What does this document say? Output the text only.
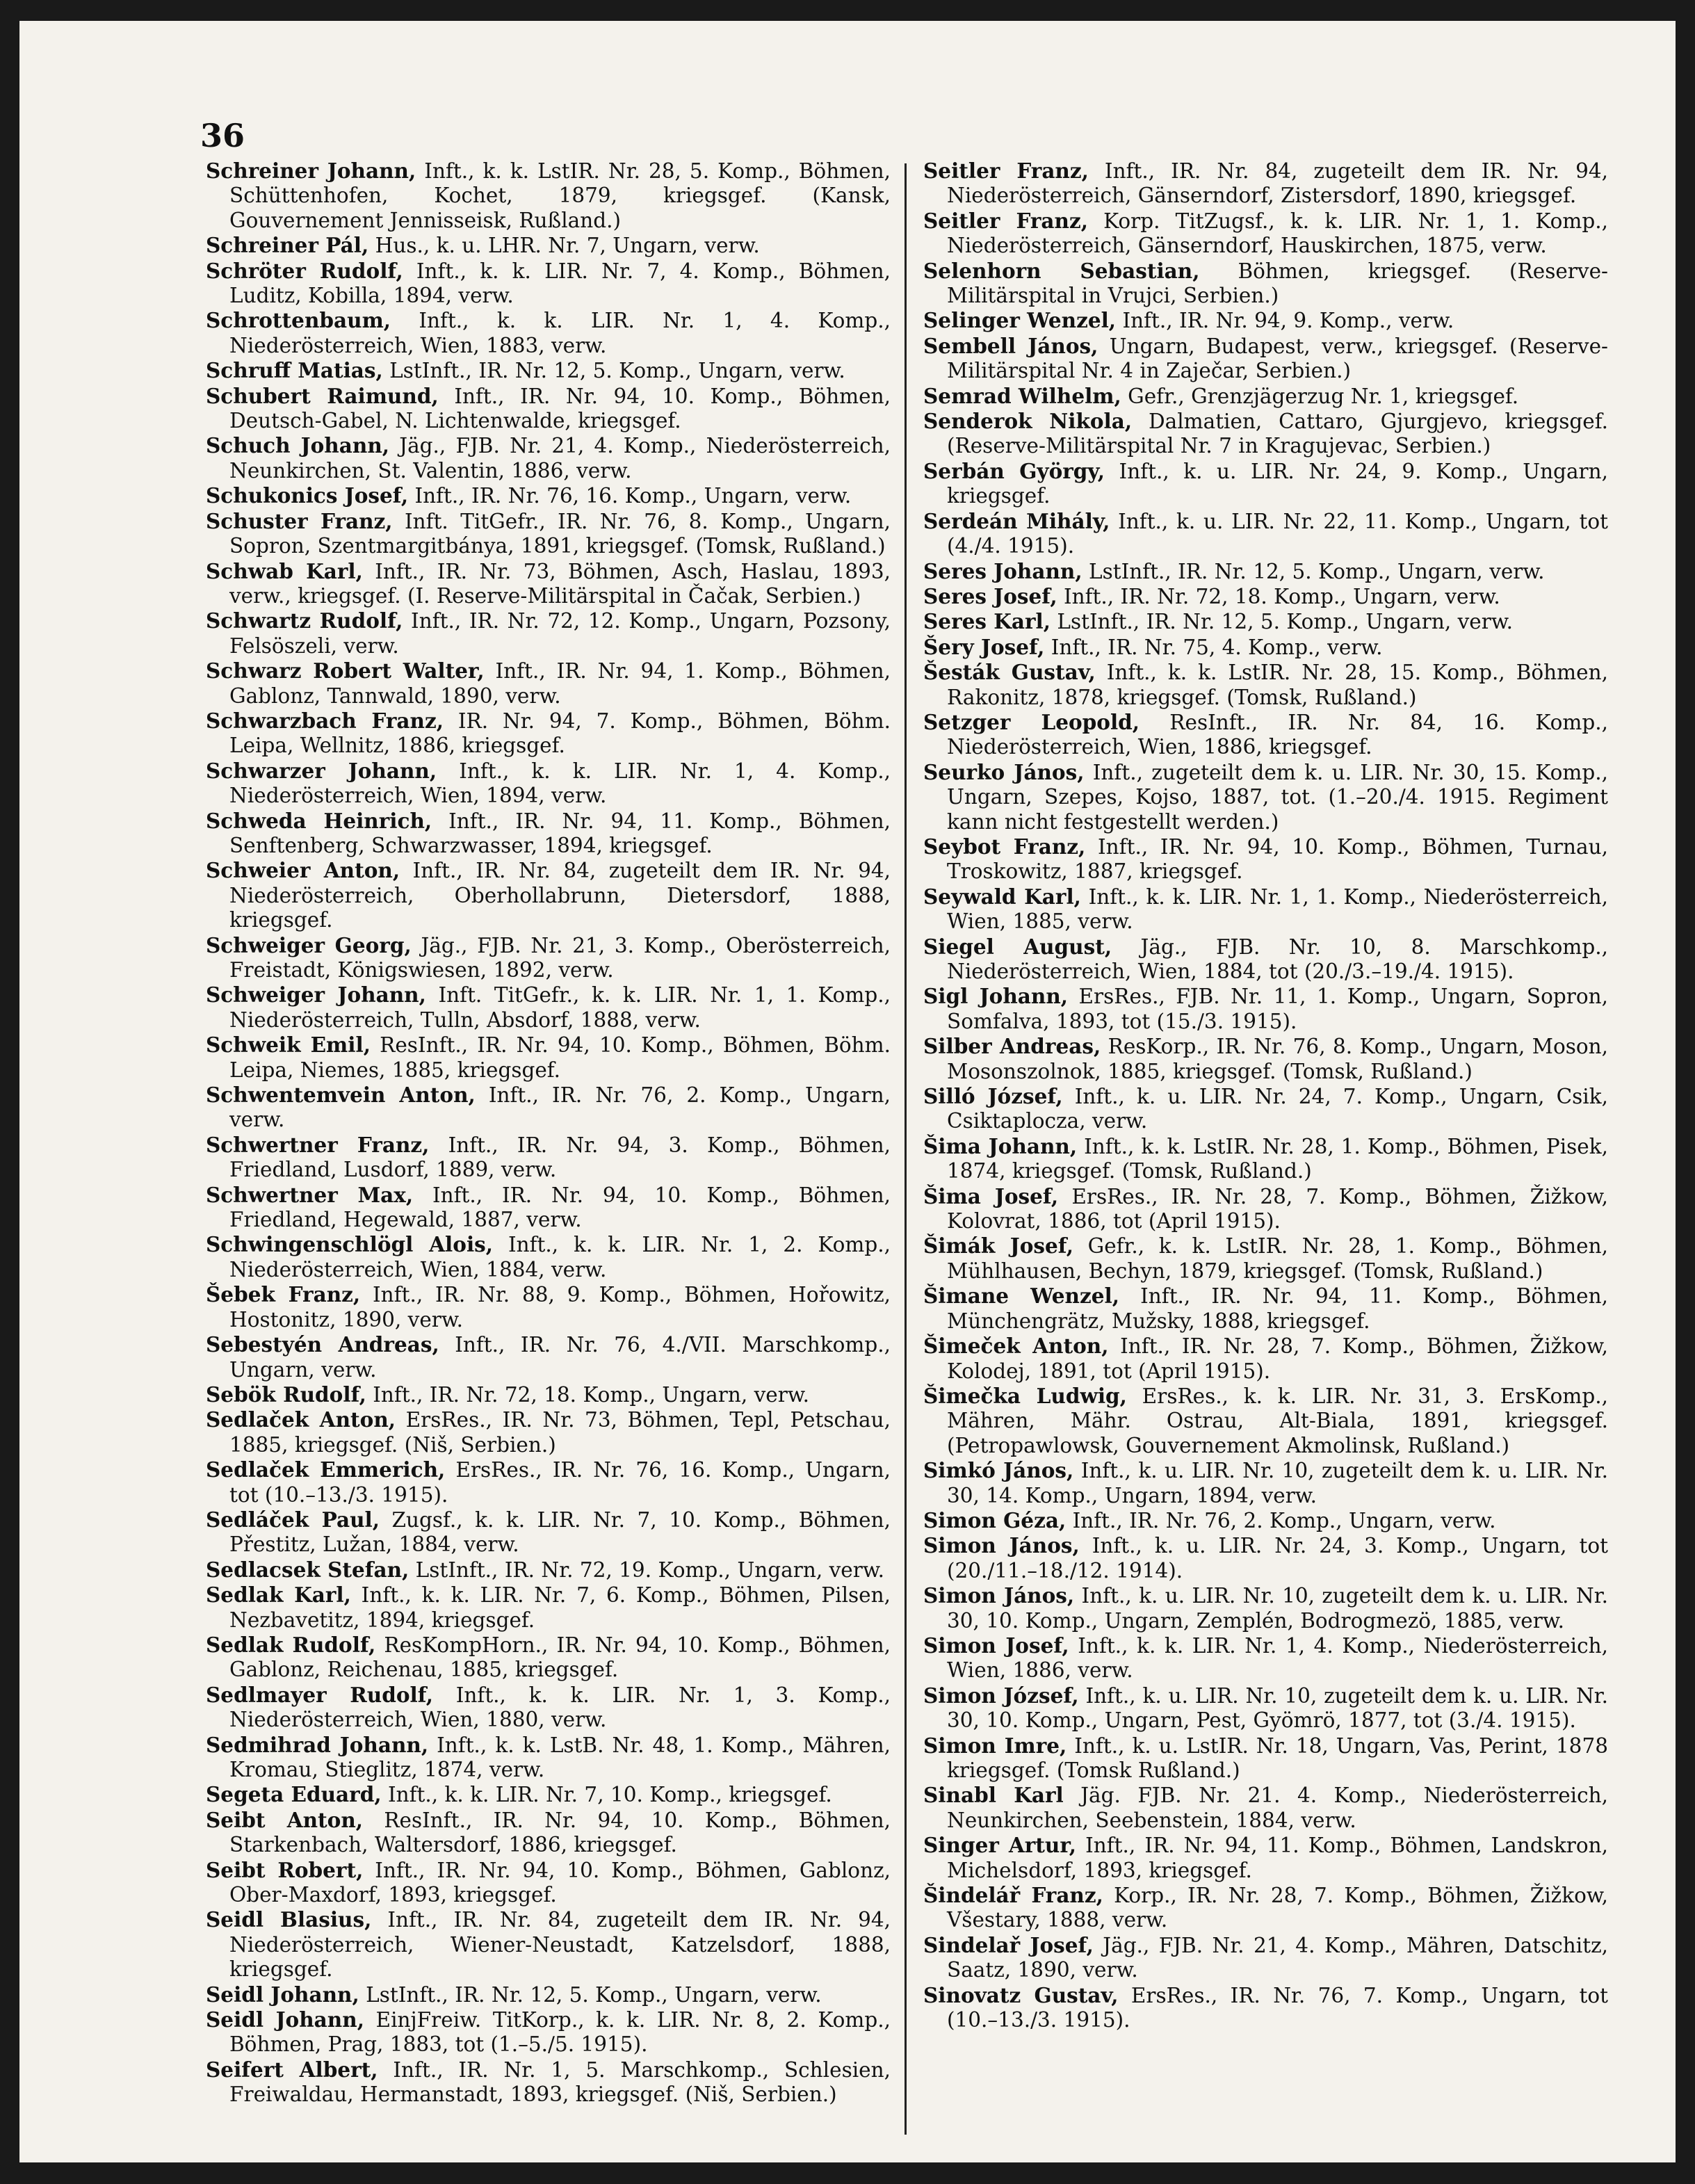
36

Schreiner Johann, Inft., k. k. LstIR. Nr. 28, 5. Komp., Böhmen, Schüttenhofen, Kochet, 1879, kriegsgef. (Kansk, Gouvernement Jennisseisk, Rußland.)

Schreiner Pál, Hus., k. u. LHR. Nr. 7, Ungarn, verw.

Schröter Rudolf, Inft., k. k. LIR. Nr. 7, 4. Komp., Böhmen, Luditz, Kobilla, 1894, verw.

Schrottenbaum, Inft., k. k. LIR. Nr. 1, 4. Komp., Niederösterreich, Wien, 1883, verw.

Schruff Matias, LstInft., IR. Nr. 12, 5. Komp., Ungarn, verw.

Schubert Raimund, Inft., IR. Nr. 94, 10. Komp., Böhmen, Deutsch-Gabel, N. Lichtenwalde, kriegsgef.

Schuch Johann, Jäg., FJB. Nr. 21, 4. Komp., Niederösterreich, Neunkirchen, St. Valentin, 1886, verw.

Schukonics Josef, Inft., IR. Nr. 76, 16. Komp., Ungarn, verw.

Schuster Franz, Inft. TitGefr., IR. Nr. 76, 8. Komp., Ungarn, Sopron, Szentmargitbánya, 1891, kriegsgef. (Tomsk, Rußland.)

Schwab Karl, Inft., IR. Nr. 73, Böhmen, Asch, Haslau, 1893, verw., kriegsgef. (I. Reserve-Militärspital in Čačak, Serbien.)

Schwartz Rudolf, Inft., IR. Nr. 72, 12. Komp., Ungarn, Pozsony, Felsöszeli, verw.

Schwarz Robert Walter, Inft., IR. Nr. 94, 1. Komp., Böhmen, Gablonz, Tannwald, 1890, verw.

Schwarzbach Franz, IR. Nr. 94, 7. Komp., Böhmen, Böhm. Leipa, Wellnitz, 1886, kriegsgef.

Schwarzer Johann, Inft., k. k. LIR. Nr. 1, 4. Komp., Niederösterreich, Wien, 1894, verw.

Schweda Heinrich, Inft., IR. Nr. 94, 11. Komp., Böhmen, Senftenberg, Schwarzwasser, 1894, kriegsgef.

Schweier Anton, Inft., IR. Nr. 84, zugeteilt dem IR. Nr. 94, Niederösterreich, Oberhollabrunn, Dietersdorf, 1888, kriegsgef.

Schweiger Georg, Jäg., FJB. Nr. 21, 3. Komp., Oberösterreich, Freistadt, Königswiesen, 1892, verw.

Schweiger Johann, Inft. TitGefr., k. k. LIR. Nr. 1, 1. Komp., Niederösterreich, Tulln, Absdorf, 1888, verw.

Schweik Emil, ResInft., IR. Nr. 94, 10. Komp., Böhmen, Böhm. Leipa, Niemes, 1885, kriegsgef.

Schwentemvein Anton, Inft., IR. Nr. 76, 2. Komp., Ungarn, verw.

Schwertner Franz, Inft., IR. Nr. 94, 3. Komp., Böhmen, Friedland, Lusdorf, 1889, verw.

Schwertner Max, Inft., IR. Nr. 94, 10. Komp., Böhmen, Friedland, Hegewald, 1887, verw.

Schwingenschlögl Alois, Inft., k. k. LIR. Nr. 1, 2. Komp., Niederösterreich, Wien, 1884, verw.

Šebek Franz, Inft., IR. Nr. 88, 9. Komp., Böhmen, Hořowitz, Hostonitz, 1890, verw.

Sebestyén Andreas, Inft., IR. Nr. 76, 4./VII. Marschkomp., Ungarn, verw.

Sebök Rudolf, Inft., IR. Nr. 72, 18. Komp., Ungarn, verw.

Sedlaček Anton, ErsRes., IR. Nr. 73, Böhmen, Tepl, Petschau, 1885, kriegsgef. (Niš, Serbien.)

Sedlaček Emmerich, ErsRes., IR. Nr. 76, 16. Komp., Ungarn, tot (10.–13./3. 1915).

Sedláček Paul, Zugsf., k. k. LIR. Nr. 7, 10. Komp., Böhmen, Přestitz, Lužan, 1884, verw.

Sedlacsek Stefan, LstInft., IR. Nr. 72, 19. Komp., Ungarn, verw.

Sedlak Karl, Inft., k. k. LIR. Nr. 7, 6. Komp., Böhmen, Pilsen, Nezbavetitz, 1894, kriegsgef.

Sedlak Rudolf, ResKompHorn., IR. Nr. 94, 10. Komp., Böhmen, Gablonz, Reichenau, 1885, kriegsgef.

Sedlmayer Rudolf, Inft., k. k. LIR. Nr. 1, 3. Komp., Niederösterreich, Wien, 1880, verw.

Sedmihrad Johann, Inft., k. k. LstB. Nr. 48, 1. Komp., Mähren, Kromau, Stieglitz, 1874, verw.

Segeta Eduard, Inft., k. k. LIR. Nr. 7, 10. Komp., kriegsgef.

Seibt Anton, ResInft., IR. Nr. 94, 10. Komp., Böhmen, Starkenbach, Waltersdorf, 1886, kriegsgef.

Seibt Robert, Inft., IR. Nr. 94, 10. Komp., Böhmen, Gablonz, Ober-Maxdorf, 1893, kriegsgef.

Seidl Blasius, Inft., IR. Nr. 84, zugeteilt dem IR. Nr. 94, Niederösterreich, Wiener-Neustadt, Katzelsdorf, 1888, kriegsgef.

Seidl Johann, LstInft., IR. Nr. 12, 5. Komp., Ungarn, verw.

Seidl Johann, EinjFreiw. TitKorp., k. k. LIR. Nr. 8, 2. Komp., Böhmen, Prag, 1883, tot (1.–5./5. 1915).

Seifert Albert, Inft., IR. Nr. 1, 5. Marschkomp., Schlesien, Freiwaldau, Hermanstadt, 1893, kriegsgef. (Niš, Serbien.)

Seitler Franz, Inft., IR. Nr. 84, zugeteilt dem IR. Nr. 94, Niederösterreich, Gänserndorf, Zistersdorf, 1890, kriegsgef.

Seitler Franz, Korp. TitZugsf., k. k. LIR. Nr. 1, 1. Komp., Niederösterreich, Gänserndorf, Hauskirchen, 1875, verw.

Selenhorn Sebastian, Böhmen, kriegsgef. (Reserve-Militärspital in Vrujci, Serbien.)

Selinger Wenzel, Inft., IR. Nr. 94, 9. Komp., verw.

Sembell János, Ungarn, Budapest, verw., kriegsgef. (Reserve-Militärspital Nr. 4 in Zaječar, Serbien.)

Semrad Wilhelm, Gefr., Grenzjägerzug Nr. 1, kriegsgef.

Senderok Nikola, Dalmatien, Cattaro, Gjurgjevo, kriegsgef. (Reserve-Militärspital Nr. 7 in Kragujevac, Serbien.)

Serbán György, Inft., k. u. LIR. Nr. 24, 9. Komp., Ungarn, kriegsgef.

Serdeán Mihály, Inft., k. u. LIR. Nr. 22, 11. Komp., Ungarn, tot (4./4. 1915).

Seres Johann, LstInft., IR. Nr. 12, 5. Komp., Ungarn, verw.

Seres Josef, Inft., IR. Nr. 72, 18. Komp., Ungarn, verw.

Seres Karl, LstInft., IR. Nr. 12, 5. Komp., Ungarn, verw.

Šery Josef, Inft., IR. Nr. 75, 4. Komp., verw.

Šesták Gustav, Inft., k. k. LstIR. Nr. 28, 15. Komp., Böhmen, Rakonitz, 1878, kriegsgef. (Tomsk, Rußland.)

Setzger Leopold, ResInft., IR. Nr. 84, 16. Komp., Niederösterreich, Wien, 1886, kriegsgef.

Seurko János, Inft., zugeteilt dem k. u. LIR. Nr. 30, 15. Komp., Ungarn, Szepes, Kojso, 1887, tot. (1.–20./4. 1915. Regiment kann nicht festgestellt werden.)

Seybot Franz, Inft., IR. Nr. 94, 10. Komp., Böhmen, Turnau, Troskowitz, 1887, kriegsgef.

Seywald Karl, Inft., k. k. LIR. Nr. 1, 1. Komp., Niederösterreich, Wien, 1885, verw.

Siegel August, Jäg., FJB. Nr. 10, 8. Marschkomp., Niederösterreich, Wien, 1884, tot (20./3.–19./4. 1915).

Sigl Johann, ErsRes., FJB. Nr. 11, 1. Komp., Ungarn, Sopron, Somfalva, 1893, tot (15./3. 1915).

Silber Andreas, ResKorp., IR. Nr. 76, 8. Komp., Ungarn, Moson, Mosonszolnok, 1885, kriegsgef. (Tomsk, Rußland.)

Silló József, Inft., k. u. LIR. Nr. 24, 7. Komp., Ungarn, Csik, Csiktaplocza, verw.

Šima Johann, Inft., k. k. LstIR. Nr. 28, 1. Komp., Böhmen, Pisek, 1874, kriegsgef. (Tomsk, Rußland.)

Šima Josef, ErsRes., IR. Nr. 28, 7. Komp., Böhmen, Žižkow, Kolovrat, 1886, tot (April 1915).

Šimák Josef, Gefr., k. k. LstIR. Nr. 28, 1. Komp., Böhmen, Mühlhausen, Bechyn, 1879, kriegsgef. (Tomsk, Rußland.)

Šimane Wenzel, Inft., IR. Nr. 94, 11. Komp., Böhmen, Münchengrätz, Mužsky, 1888, kriegsgef.

Šimeček Anton, Inft., IR. Nr. 28, 7. Komp., Böhmen, Žižkow, Kolodej, 1891, tot (April 1915).

Šimečka Ludwig, ErsRes., k. k. LIR. Nr. 31, 3. ErsKomp., Mähren, Mähr. Ostrau, Alt-Biala, 1891, kriegsgef. (Petropawlowsk, Gouvernement Akmolinsk, Rußland.)

Simkó János, Inft., k. u. LIR. Nr. 10, zugeteilt dem k. u. LIR. Nr. 30, 14. Komp., Ungarn, 1894, verw.

Simon Géza, Inft., IR. Nr. 76, 2. Komp., Ungarn, verw.

Simon János, Inft., k. u. LIR. Nr. 24, 3. Komp., Ungarn, tot (20./11.–18./12. 1914).

Simon János, Inft., k. u. LIR. Nr. 10, zugeteilt dem k. u. LIR. Nr. 30, 10. Komp., Ungarn, Zemplén, Bodrogmezö, 1885, verw.

Simon Josef, Inft., k. k. LIR. Nr. 1, 4. Komp., Niederösterreich, Wien, 1886, verw.

Simon József, Inft., k. u. LIR. Nr. 10, zugeteilt dem k. u. LIR. Nr. 30, 10. Komp., Ungarn, Pest, Gyömrö, 1877, tot (3./4. 1915).

Simon Imre, Inft., k. u. LstIR. Nr. 18, Ungarn, Vas, Perint, 1878 kriegsgef. (Tomsk Rußland.)

Sinabl Karl Jäg. FJB. Nr. 21. 4. Komp., Niederösterreich, Neunkirchen, Seebenstein, 1884, verw.

Singer Artur, Inft., IR. Nr. 94, 11. Komp., Böhmen, Landskron, Michelsdorf, 1893, kriegsgef.

Šindelář Franz, Korp., IR. Nr. 28, 7. Komp., Böhmen, Žižkow, Všestary, 1888, verw.

Sindelař Josef, Jäg., FJB. Nr. 21, 4. Komp., Mähren, Datschitz, Saatz, 1890, verw.

Sinovatz Gustav, ErsRes., IR. Nr. 76, 7. Komp., Ungarn, tot (10.–13./3. 1915).
